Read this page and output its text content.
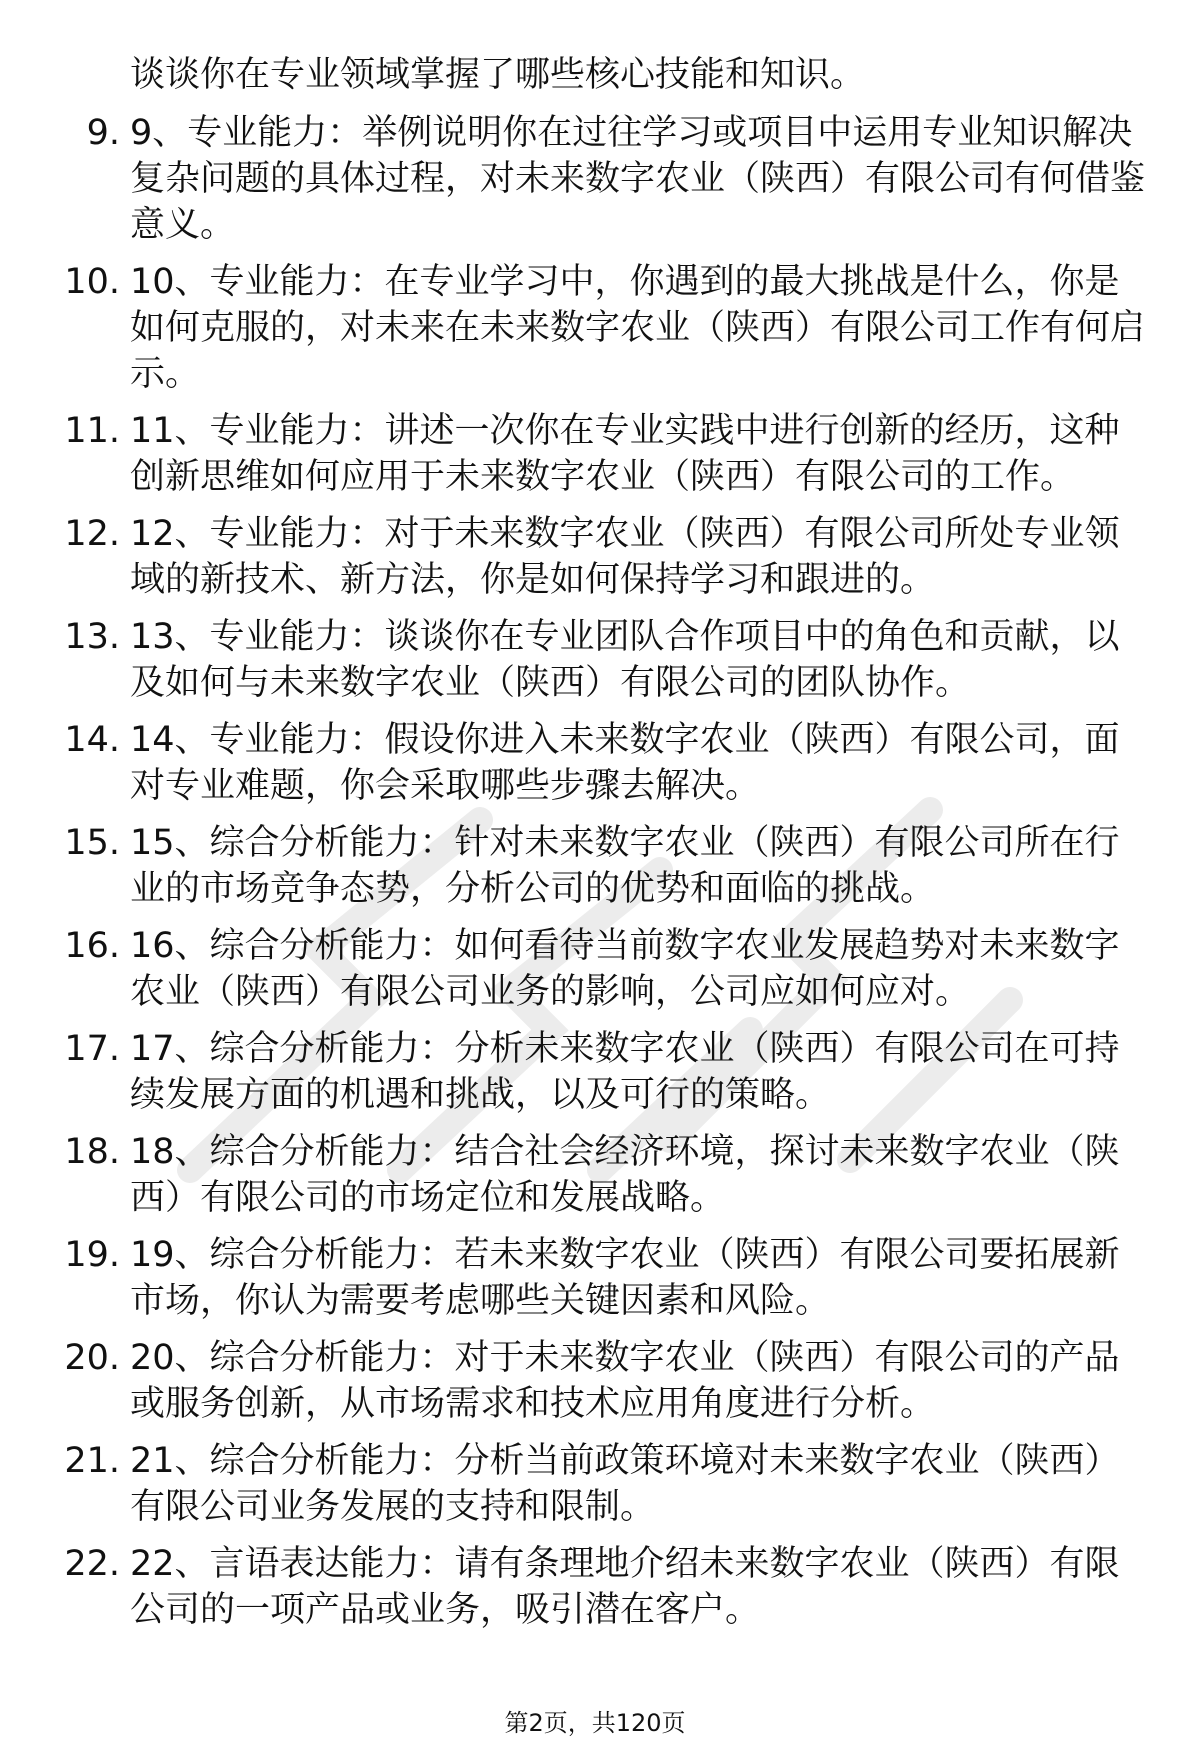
谈谈你在专业领域掌握了哪些核心技能和知识。

9. 9、专业能力：举例说明你在过往学习或项目中运用专业知识解决复杂问题的具体过程，对未来数字农业（陕西）有限公司有何借鉴意义。
10. 10、专业能力：在专业学习中，你遇到的最大挑战是什么，你是如何克服的，对未来在未来数字农业（陕西）有限公司工作有何启示。
11. 11、专业能力：讲述一次你在专业实践中进行创新的经历，这种创新思维如何应用于未来数字农业（陕西）有限公司的工作。
12. 12、专业能力：对于未来数字农业（陕西）有限公司所处专业领域的新技术、新方法，你是如何保持学习和跟进的。
13. 13、专业能力：谈谈你在专业团队合作项目中的角色和贡献，以及如何与未来数字农业（陕西）有限公司的团队协作。
14. 14、专业能力：假设你进入未来数字农业（陕西）有限公司，面对专业难题，你会采取哪些步骤去解决。
15. 15、综合分析能力：针对未来数字农业（陕西）有限公司所在行业的市场竞争态势，分析公司的优势和面临的挑战。
16. 16、综合分析能力：如何看待当前数字农业发展趋势对未来数字农业（陕西）有限公司业务的影响，公司应如何应对。
17. 17、综合分析能力：分析未来数字农业（陕西）有限公司在可持续发展方面的机遇和挑战，以及可行的策略。
18. 18、综合分析能力：结合社会经济环境，探讨未来数字农业（陕西）有限公司的市场定位和发展战略。
19. 19、综合分析能力：若未来数字农业（陕西）有限公司要拓展新市场，你认为需要考虑哪些关键因素和风险。
20. 20、综合分析能力：对于未来数字农业（陕西）有限公司的产品或服务创新，从市场需求和技术应用角度进行分析。
21. 21、综合分析能力：分析当前政策环境对未来数字农业（陕西）有限公司业务发展的支持和限制。
22. 22、言语表达能力：请有条理地介绍未来数字农业（陕西）有限公司的一项产品或业务，吸引潜在客户。
第2页，共120页
